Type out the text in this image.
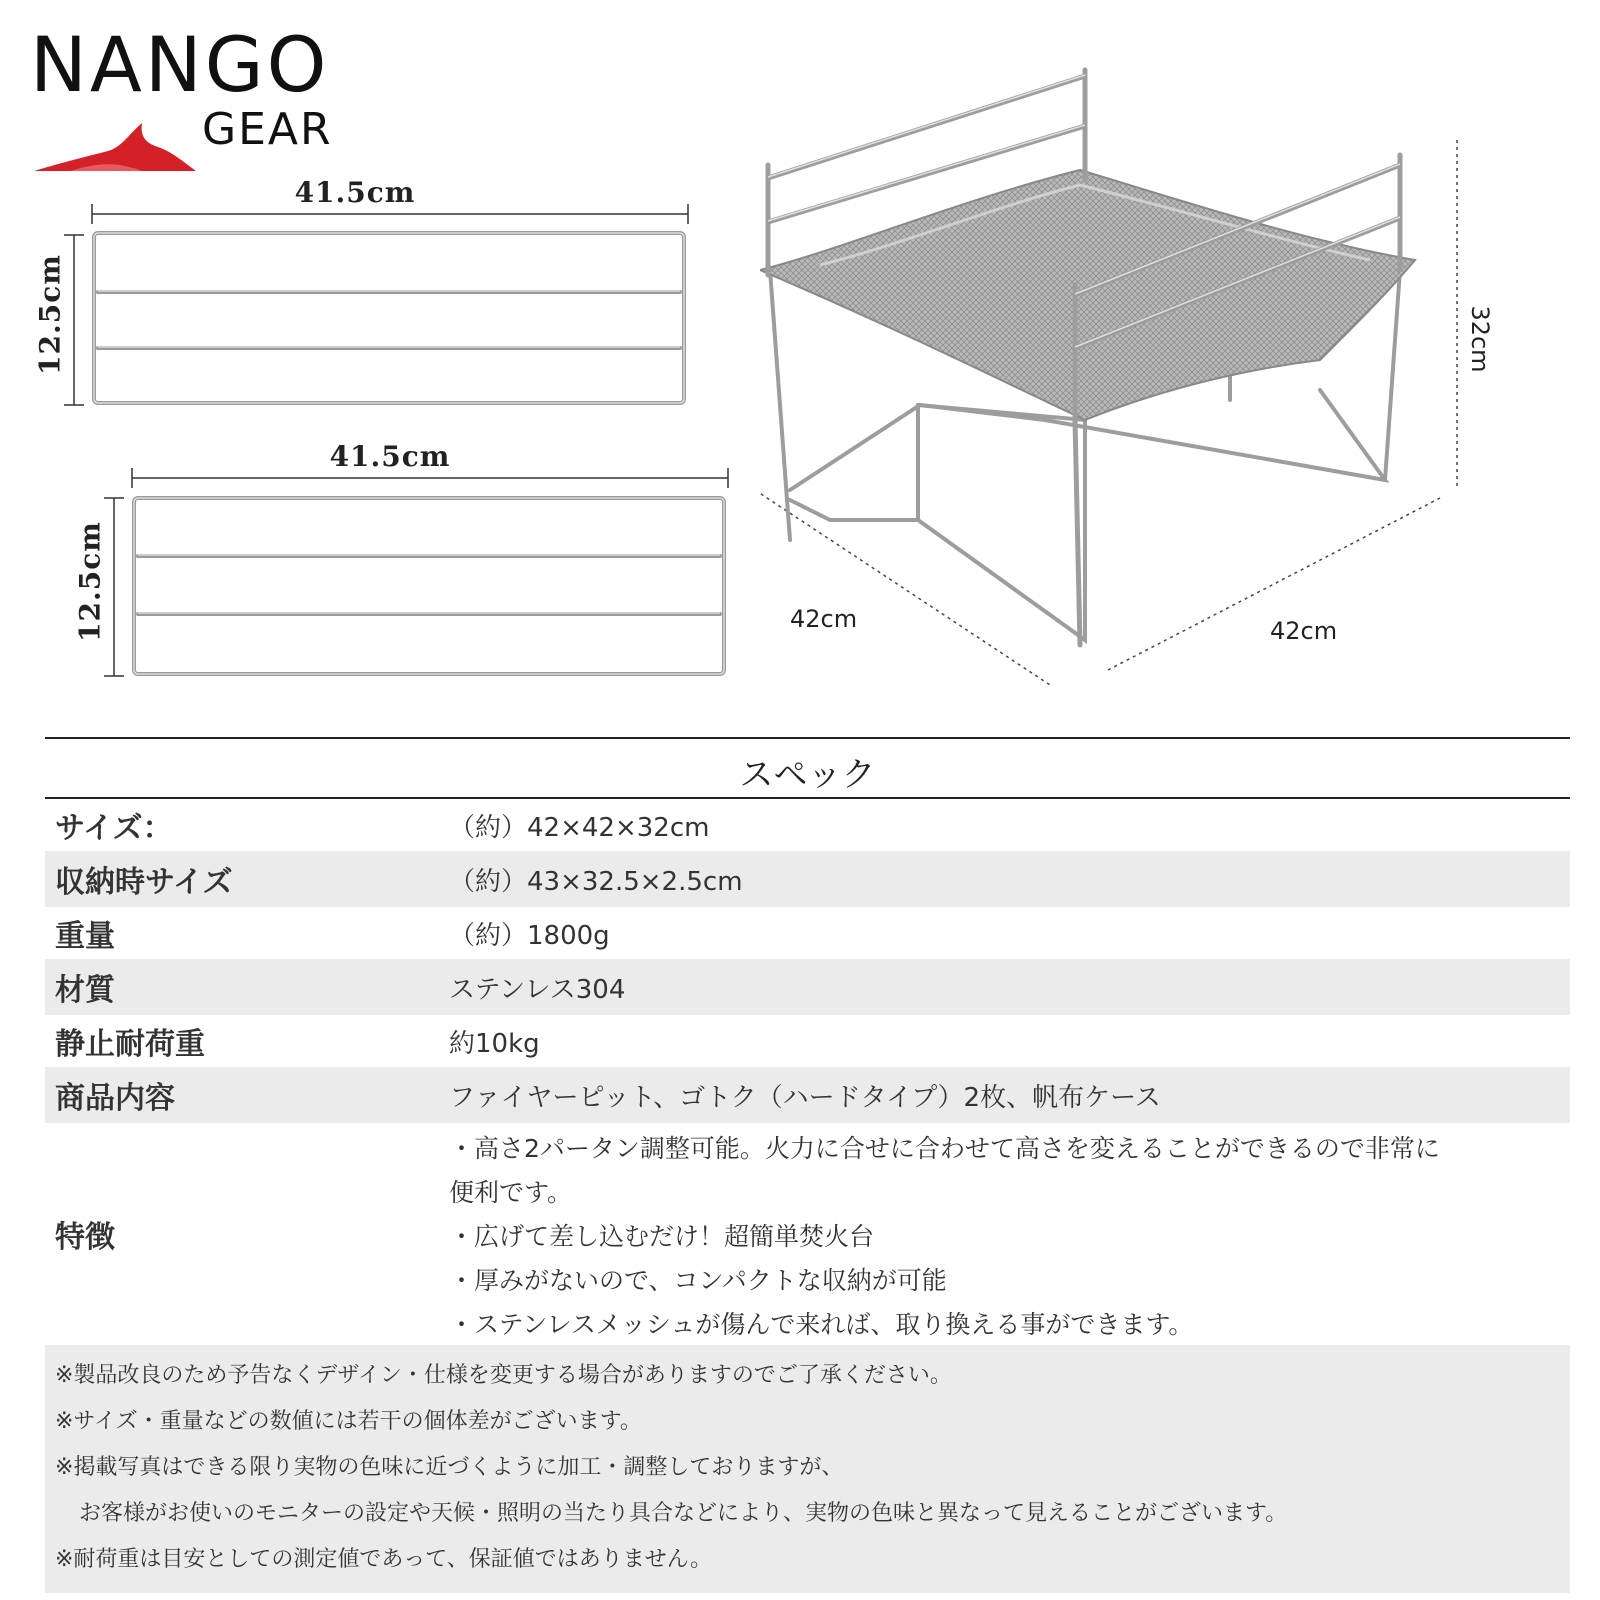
NANGO
GEAR
41.5cm
12.5cm
41.5cm
12.5cm	42cm	42cm
32cm
スペック
サイズ：	（約）42×42×32cm
収納時サイズ	（約）43×32.5×2.5cm
重量	（約）1800g
材質	ステンレス304
静止耐荷重	約10kg
商品内容	ファイヤーピット、ゴトク（ハードタイプ）2枚、帆布ケース
特徴
・高さ2パータン調整可能。火力に合せに合わせて高さを変えることができるので非常に
便利です。
・広げて差し込むだけ！超簡単焚火台
・厚みがないので、コンパクトな収納が可能
・ステンレスメッシュが傷んで来れば、取り換える事ができます。
※製品改良のため予告なくデザイン・仕様を変更する場合がありますのでご了承ください。
※サイズ・重量などの数値には若干の個体差がございます。
※掲載写真はできる限り実物の色味に近づくように加工・調整しておりますが、
お客様がお使いのモニターの設定や天候・照明の当たり具合などにより、実物の色味と異なって見えることがございます。
※耐荷重は目安としての測定値であって、保証値ではありません。
